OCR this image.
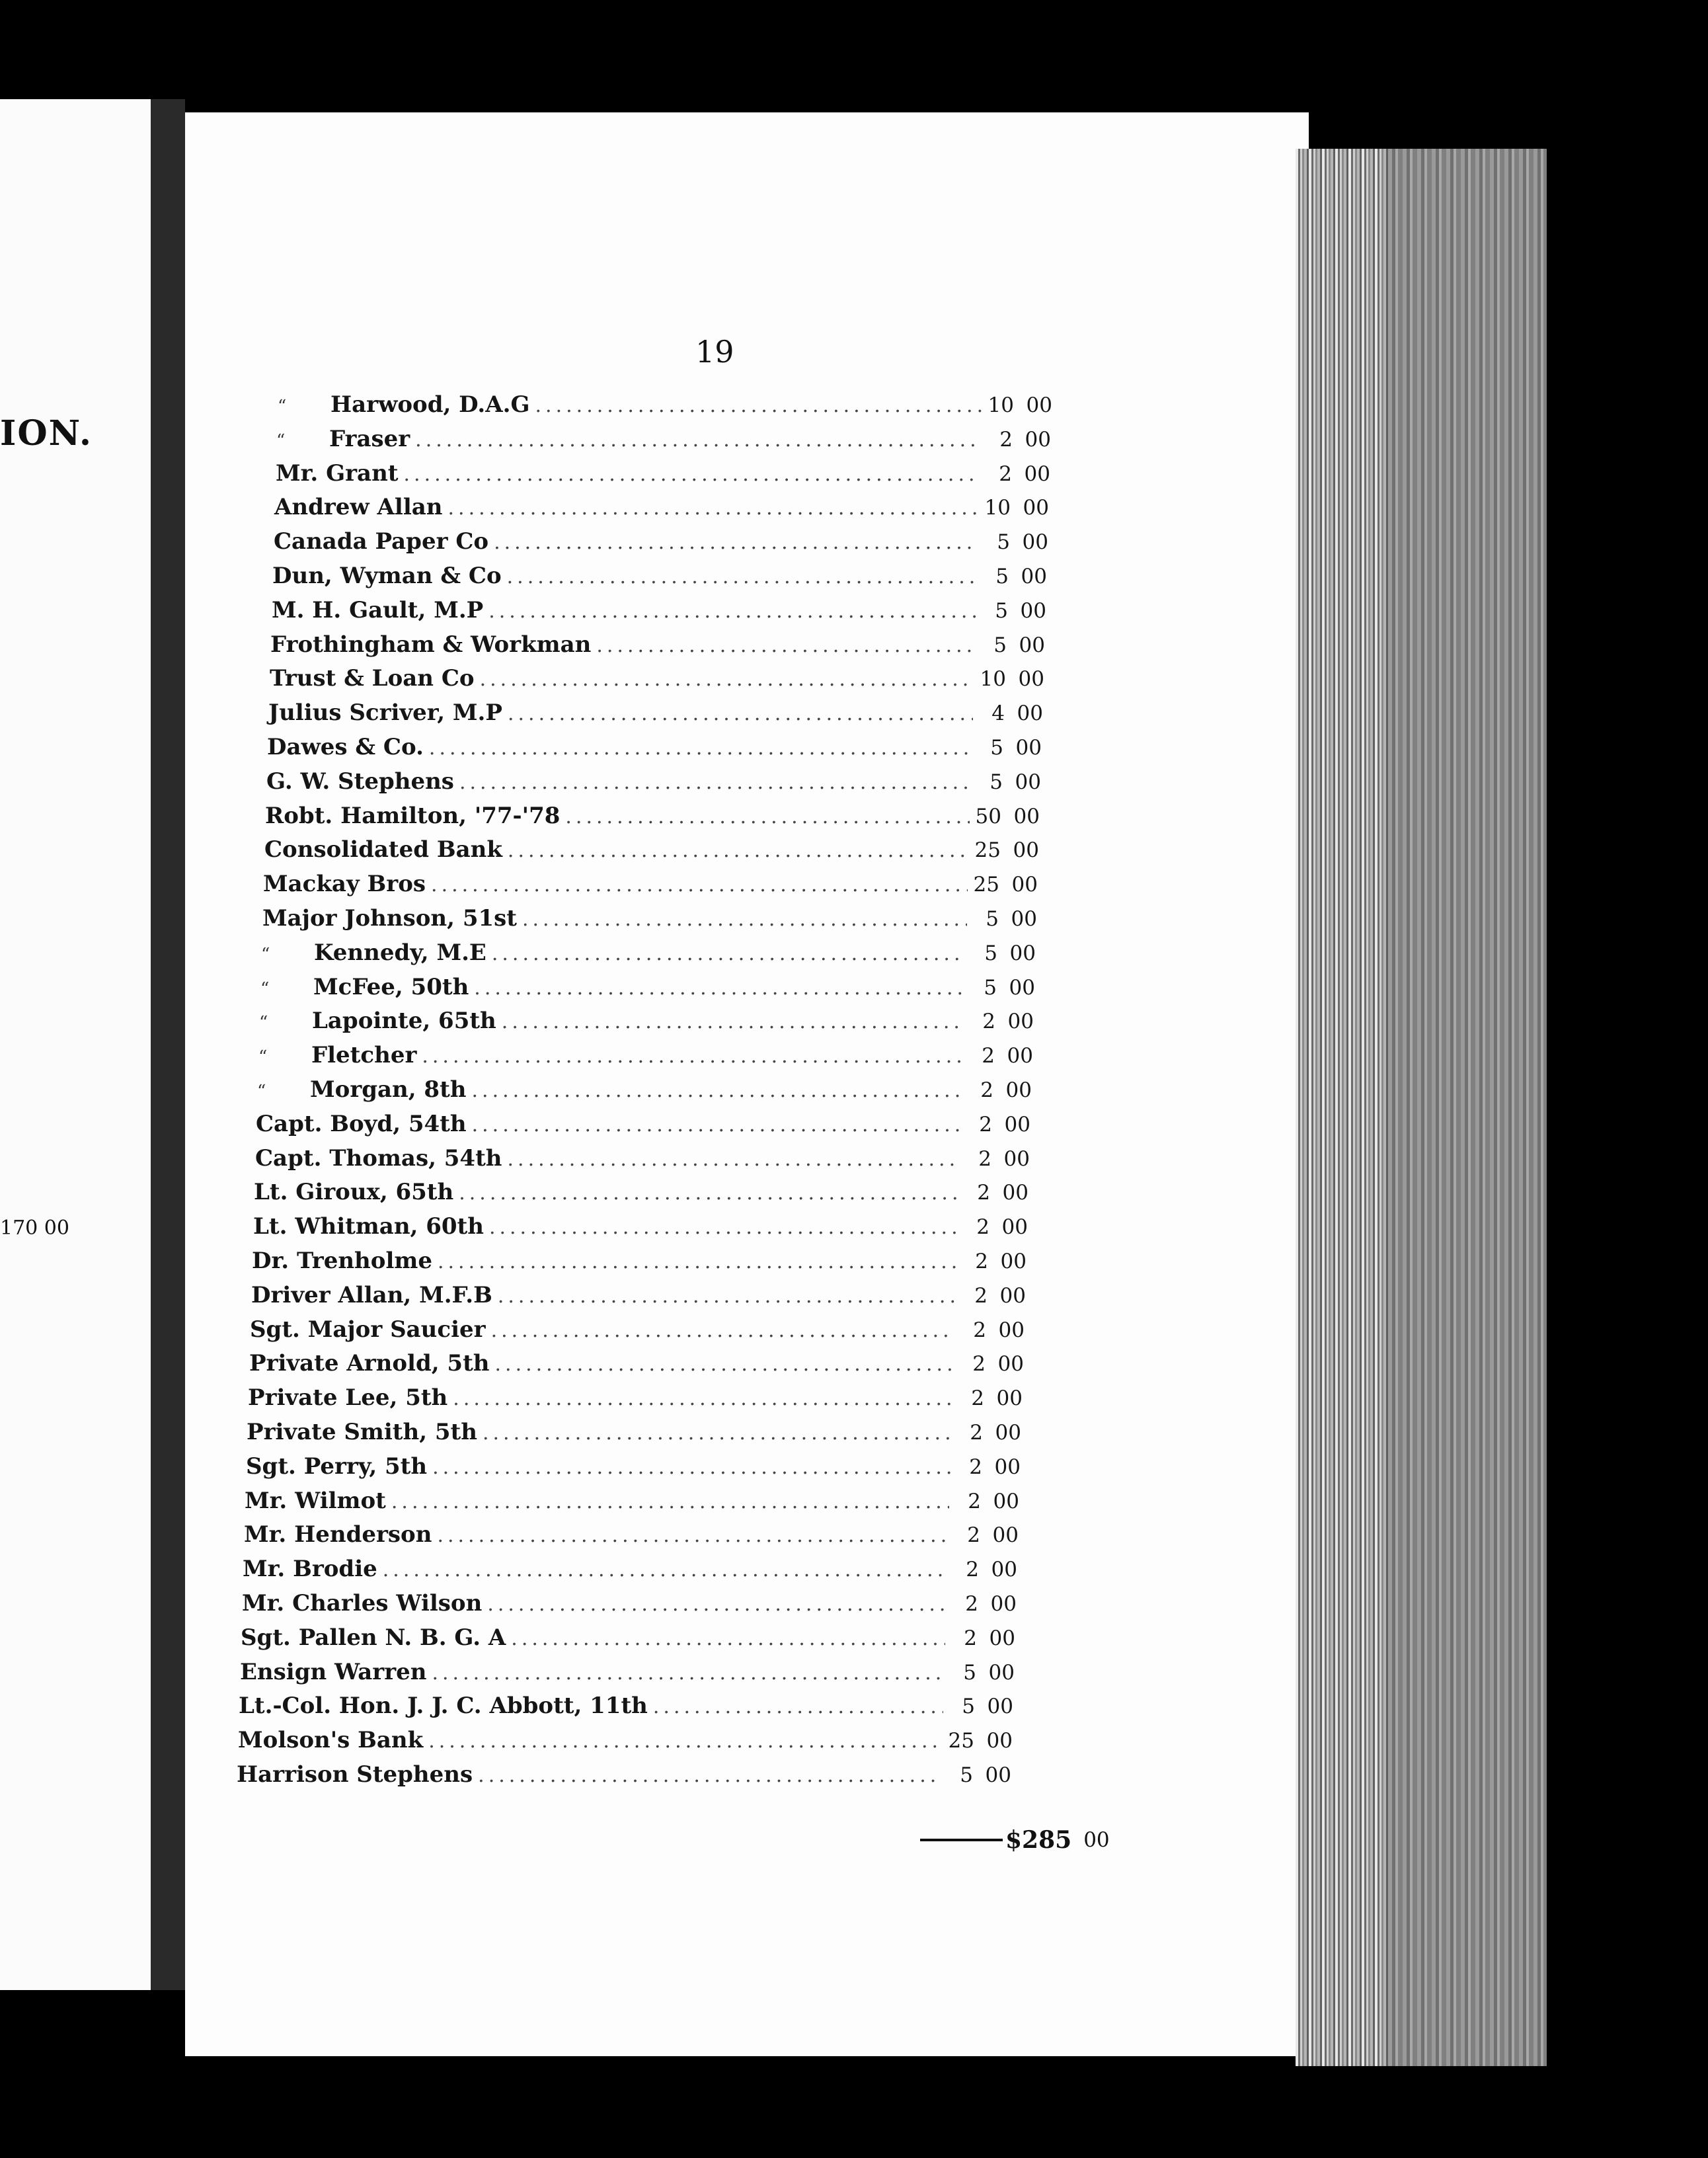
ION.
170 00
19
“	Harwood, D.A.G .....	10 00
“	Fraser .....	2 00
Mr. Grant .....	2 00
Andrew Allan .....	10 00
Canada Paper Co .....	5 00
Dun, Wyman & Co .....	5 00
M. H. Gault, M.P .....	5 00
Frothingham & Workman .....	5 00
Trust & Loan Co .....	10 00
Julius Scriver, M.P .....	4 00
Dawes & Co. .....	5 00
G. W. Stephens .....	5 00
Robt. Hamilton, '77-'78 .....	50 00
Consolidated Bank .....	25 00
Mackay Bros .....	25 00
Major Johnson, 51st .....	5 00
“	Kennedy, M.E .....	5 00
“	McFee, 50th .....	5 00
“	Lapointe, 65th .....	2 00
“	Fletcher .....	2 00
“	Morgan, 8th .....	2 00
Capt. Boyd, 54th .....	2 00
Capt. Thomas, 54th .....	2 00
Lt. Giroux, 65th .....	2 00
Lt. Whitman, 60th .....	2 00
Dr. Trenholme .....	2 00
Driver Allan, M.F.B .....	2 00
Sgt. Major Saucier .....	2 00
Private Arnold, 5th .....	2 00
Private Lee, 5th .....	2 00
Private Smith, 5th .....	2 00
Sgt. Perry, 5th .....	2 00
Mr. Wilmot .....	2 00
Mr. Henderson .....	2 00
Mr. Brodie .....	2 00
Mr. Charles Wilson .....	2 00
Sgt. Pallen N. B. G. A .....	2 00
Ensign Warren .....	5 00
Lt.-Col. Hon. J. J. C. Abbott, 11th .....	5 00
Molson's Bank .....	25 00
Harrison Stephens .....	5 00
$285 00
